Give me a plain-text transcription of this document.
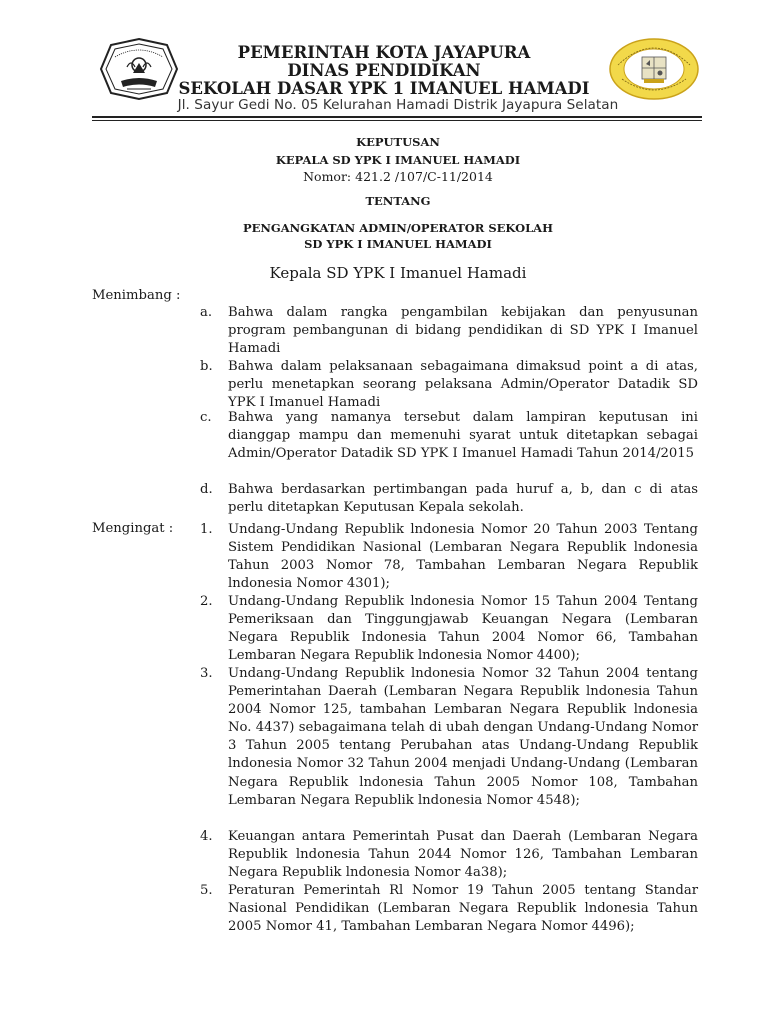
PEMERINTAH KOTA JAYAPURA
DINAS PENDIDIKAN
SEKOLAH DASAR YPK 1 IMANUEL HAMADI
Jl. Sayur Gedi No. 05 Kelurahan Hamadi Distrik Jayapura Selatan
KEPUTUSAN
KEPALA SD YPK I IMANUEL HAMADI
Nomor: 421.2 /107/C-11/2014
TENTANG
PENGANGKATAN ADMIN/OPERATOR SEKOLAH
SD YPK I IMANUEL HAMADI
Kepala SD YPK I Imanuel Hamadi
Menimbang :
a.	Bahwa dalam rangka pengambilan kebijakan dan penyusunan program pembangunan di bidang pendidikan di SD YPK I Imanuel Hamadi
b.	Bahwa dalam pelaksanaan sebagaimana dimaksud point a di atas, perlu menetapkan seorang pelaksana Admin/Operator Datadik SD YPK I Imanuel Hamadi
c.	Bahwa yang namanya tersebut dalam lampiran keputusan ini dianggap mampu dan memenuhi syarat untuk ditetapkan sebagai Admin/Operator Datadik SD YPK I Imanuel Hamadi Tahun 2014/2015
d.	Bahwa berdasarkan pertimbangan pada huruf a, b, dan c di atas perlu ditetapkan Keputusan Kepala sekolah.
Mengingat : 1.	Undang-Undang Republik lndonesia Nomor 20 Tahun 2003 Tentang Sistem Pendidikan Nasional (Lembaran Negara Republik lndonesia Tahun 2003 Nomor 78, Tambahan Lembaran Negara Republik lndonesia Nomor 4301);
2.	Undang-Undang Republik lndonesia Nomor 15 Tahun 2004 Tentang Pemeriksaan dan Tinggungjawab Keuangan Negara (Lembaran Negara Republik Indonesia Tahun 2004 Nomor 66, Tambahan Lembaran Negara Republik lndonesia Nomor 4400);
3.	Undang-Undang Republik lndonesia Nomor 32 Tahun 2004 tentang Pemerintahan Daerah (Lembaran Negara Republik lndonesia Tahun 2004 Nomor 125, tambahan Lembaran Negara Republik lndonesia No. 4437) sebagaimana telah di ubah dengan Undang-Undang Nomor 3 Tahun 2005 tentang Perubahan atas Undang-Undang Republik lndonesia Nomor 32 Tahun 2004 menjadi Undang-Undang (Lembaran Negara Republik lndonesia Tahun 2005 Nomor 108, Tambahan Lembaran Negara Republik lndonesia Nomor 4548);
4.	Keuangan antara Pemerintah Pusat dan Daerah (Lembaran Negara Republik lndonesia Tahun 2044 Nomor 126, Tambahan Lembaran Negara Republik lndonesia Nomor 4a38);
5.	Peraturan Pemerintah Rl Nomor 19 Tahun 2005 tentang Standar Nasional Pendidikan (Lembaran Negara Republik lndonesia Tahun 2005 Nomor 41, Tambahan Lembaran Negara Nomor 4496);
